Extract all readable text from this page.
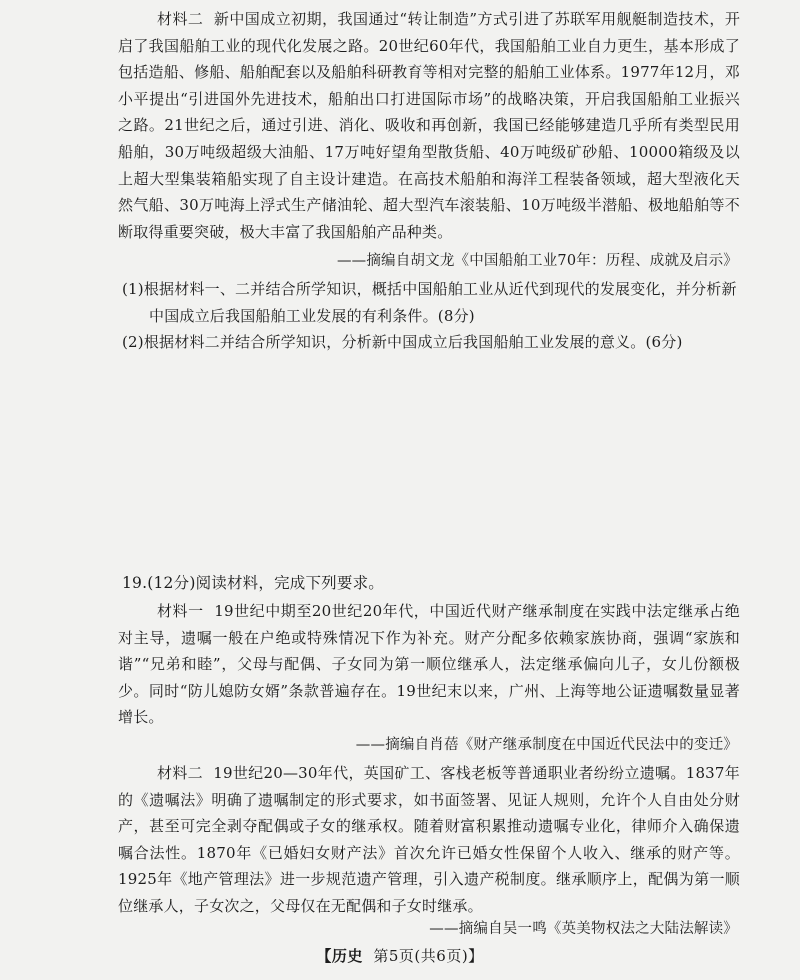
材料二 新中国成立初期，我国通过“转让制造”方式引进了苏联军用舰艇制造技术，开启了我国船舶工业的现代化发展之路。20世纪60年代，我国船舶工业自力更生，基本形成了包括造船、修船、船舶配套以及船舶科研教育等相对完整的船舶工业体系。1977年12月，邓小平提出“引进国外先进技术，船舶出口打进国际市场”的战略决策，开启我国船舶工业振兴之路。21世纪之后，通过引进、消化、吸收和再创新，我国已经能够建造几乎所有类型民用船舶，30万吨级超级大油船、17万吨好望角型散货船、40万吨级矿砂船、10000箱级及以上超大型集装箱船实现了自主设计建造。在高技术船舶和海洋工程装备领域，超大型液化天然气船、30万吨海上浮式生产储油轮、超大型汽车滚装船、10万吨级半潜船、极地船舶等不断取得重要突破，极大丰富了我国船舶产品种类。

——摘编自胡文龙《中国船舶工业70年：历程、成就及启示》
(1)根据材料一、二并结合所学知识，概括中国船舶工业从近代到现代的发展变化，并分析新
中国成立后我国船舶工业发展的有利条件。(8分)
(2)根据材料二并结合所学知识，分析新中国成立后我国船舶工业发展的意义。(6分)
19.(12分)阅读材料，完成下列要求。

材料一 19世纪中期至20世纪20年代，中国近代财产继承制度在实践中法定继承占绝对主导，遗嘱一般在户绝或特殊情况下作为补充。财产分配多依赖家族协商，强调“家族和谐”“兄弟和睦”，父母与配偶、子女同为第一顺位继承人，法定继承偏向儿子，女儿份额极少。同时“防儿媳防女婿”条款普遍存在。19世纪末以来，广州、上海等地公证遗嘱数量显著增长。

——摘编自肖蓓《财产继承制度在中国近代民法中的变迁》

材料二 19世纪20—30年代，英国矿工、客栈老板等普通职业者纷纷立遗嘱。1837年的《遗嘱法》明确了遗嘱制定的形式要求，如书面签署、见证人规则，允许个人自由处分财产，甚至可完全剥夺配偶或子女的继承权。随着财富积累推动遗嘱专业化，律师介入确保遗嘱合法性。1870年《已婚妇女财产法》首次允许已婚女性保留个人收入、继承的财产等。1925年《地产管理法》进一步规范遗产管理，引入遗产税制度。继承顺序上，配偶为第一顺位继承人，子女次之，父母仅在无配偶和子女时继承。

——摘编自吴一鸣《英美物权法之大陆法解读》
【历史 第5页(共6页)】
